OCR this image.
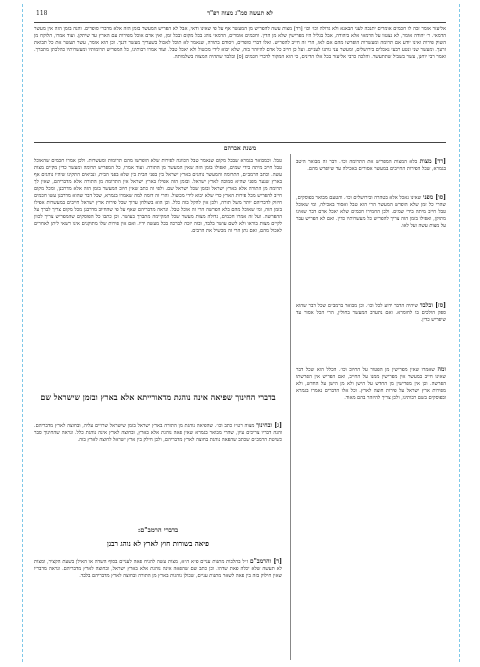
לא תעשה סמ"ג מצוה רפ"ד
118
אליעזר אומר זכה לו חכמים אומרים יתנכה לעני הבאנא ולא גדולה וכו׳ וכו׳ [רד] מצות עשה להפריש מן המעשר אף על פי שאינו ודאי, אבל לא הפריש המעשר בזמן הזה אלא מדברי סופרים. והנה בזמן הזה אין מעשר הדמאי. ר׳ יהודה אומר, לא נצטוו על הדמאי אלא ביהודה, אבל בגליל היו מפרישין שלא מן הדין. וחכמים אומרים, הדמאי נוהג בכל מקום ובכל זמן, ואין אדם אוכל מפירות עם הארץ עד שיתקן. ועוד אמרו, הלוקח מן השוק פירות ואינו יודע אם תרומה ומעשרות הופרשו מהם אם לאו, הרי זה חייב להפריש. ואלו דברי סופרים, ויסודם בתורה, שנאמר לא תוכל לאכול בשעריך מעשר דגנך. וכן הוא אומר, עשר תעשר את כל תבואת זרעך. ומעשר שני ונטע רבעי נאכלים בירושלים, ומעשר עני נותנו לעניים. ועל כן חייב כל אדם להיזהר בזה, שלא יבוא לידי מכשול ולא יאכל טבל. ועוד אמרו רבותינו, כל המפריש תרומותיו ומעשרותיו כהלכתן מתברך. ואמר רבי יוחנן, עשר בשביל שתתעשר. והלכה כרבי אליעזר בכל אלו הדינים, כי הוא המקור לדברי חכמים [ס] ובלבד שתהיה המצוה בשלמותה.
משנת אברהם
[רד] מצות בלא המצות המפריש את התרומה וכו׳. דבר זה מבואר היטב בגמרא, שכל הפירות החייבים במעשר אסורים באכילה עד שיופרש מהם.
[סו] מפני שאינו נאכל אלא בטהרה ובירושלים וכו׳. והטעם מבואר בפוסקים, שהרי כל זמן שלא הופרש המעשר הרי הוא טבל ואסור באכילה, ומי שאוכל טבל חייב מיתה בידי שמים. ולכן החמירו חכמים שלא יאכל אדם דבר שאינו מתוקן, ואפילו בזמן הזה צריך להפריש כל מעשרותיו כדין. ואם לא הפריש עבר על מצות עשה ועל לאו.
[סז] ובלבד שיהיה הדבר ידוע לכל וכו׳. וכן מבואר ברמב״ם שכל דבר שהוא ספק הולכים בו לחומרא. ואם נתערב המעשר בחולין, הרי הכל אסור עד שיפריש כדין.
ומה שאמרו שאין מפרישין מן הפטור על החיוב וכו׳. הכלל הוא שכל דבר שאינו חייב במעשר אין מפרישין ממנו על החייב, ואם הפריש אין הפרשתו הפרשה. וכן אין מפרישין מן החדש על הישן ולא מן הישן על החדש, ולא מפירות ארץ ישראל על פירות חוצה לארץ. וכל אלו הדברים נאמרו בגמרא ובפוסקים בשם רבותינו, ולכן צריך להיזהר בהם מאוד.
טבל. וכמבואר בגמרא שבכל מקום שנאמר טבל הכוונה לפירות שלא הופרשו מהם תרומות ומעשרות. ולכן אמרו חכמים שהאוכל טבל חייב מיתה בידי שמים, ואפילו בזמן הזה שאין המעשר מן התורה. ועוד אמרו, כל המפריש תרומה ומעשר כדין מקיים מצות עשה. וכתב הרמב״ם, התרומה והמעשר נוהגים בארץ ישראל בין בפני הבית בין שלא בפני הבית, ונביאים התקינו שיהיו נוהגים אף בארץ שנער מפני שהיא סמוכה לארץ ישראל. ובזמן הזה אפילו בארץ ישראל אין התרומה מן התורה אלא מדבריהם, שאין לך תרומה מן התורה אלא בארץ ישראל ובזמן שכל ישראל שם. ולפי זה כתב שאין חיוב המעשר בזמן הזה אלא מדרבנן, ומכל מקום חייב להפריש מכל פירות הארץ כדי שלא יבוא לידי מכשול. והרי זה דומה למה שאמרו בגמרא, שכל דבר שהוא מדרבנן עשו חכמים חיזוק לדבריהם יותר משל תורה, ולכן אין להקל בזה כלל. וכן הוא בשולחן ערוך שכל פירות ארץ ישראל חייבים במעשרות אפילו בזמן הזה, ומי שאוכל מהם בלא הפרשה הרי זה אוכל טבל. ונראה מדבריהם שאף על פי שהחיוב מדרבנן מכל מקום צריך לברך על ההפרשה. ועל זה אמרו חכמים, גדולה מצות מעשר שכל המקיימה מתברך בעושר. וכן כתבו כל הפוסקים שהמפריש צריך לכוון לקיים מצות בוראו ולא לשם עושר בלבד, ובזה יזכה לברכה בכל מעשה ידיו. ואם אין פירות שלו מתוקנים אינו רשאי ליתן לאחרים לאכול מהם, ואם נתן הרי זה מכשיל את הרבים.
בדברי החינוך שפיאה אינה נוהגת מדאורייתא אלא בארץ ובזמן שישראל שם
[ג] ובחינוך מצוה רט״ז כתב וכו׳. שהפיאה נוהגת מן התורה בארץ ישראל בזמן שישראל שרויים עליה, ובחוצה לארץ מדבריהם. והנה דבריו צריכים עיון, שהרי מבואר בגמרא שאין פאה נוהגת אלא בארץ, ובחוצה לארץ אינה נוהגת כלל. ונראה שהחינוך סבר כשיטת הרמב״ם שכתב שהפאה נוהגת בחוצה לארץ מדבריהם, ולכן חילק בין ארץ ישראל לחוצה לארץ בזה.
בדברי הרמב"ם:
פיאה בשורות חוץ לארץ לא נוהג רבנן
[ד] והרמב"ם ז״ל בהלכות מתנות עניים פ״א ה״א, מצות עשה להניח פאה לעניים בסוף השדה או האילן בשעת הקציר, ומצות לא תעשה שלא יכלה פאת שדהו. וכן כתב שם שהפאה אינה נוהגת אלא בארץ ישראל, ובחוצה לארץ מדבריהם. ונראה מדבריו שאין חילוק בזה בין פאה לשאר מתנות עניים, שכולן נוהגות בארץ מן התורה ובחוצה לארץ מדבריהם בלבד.
